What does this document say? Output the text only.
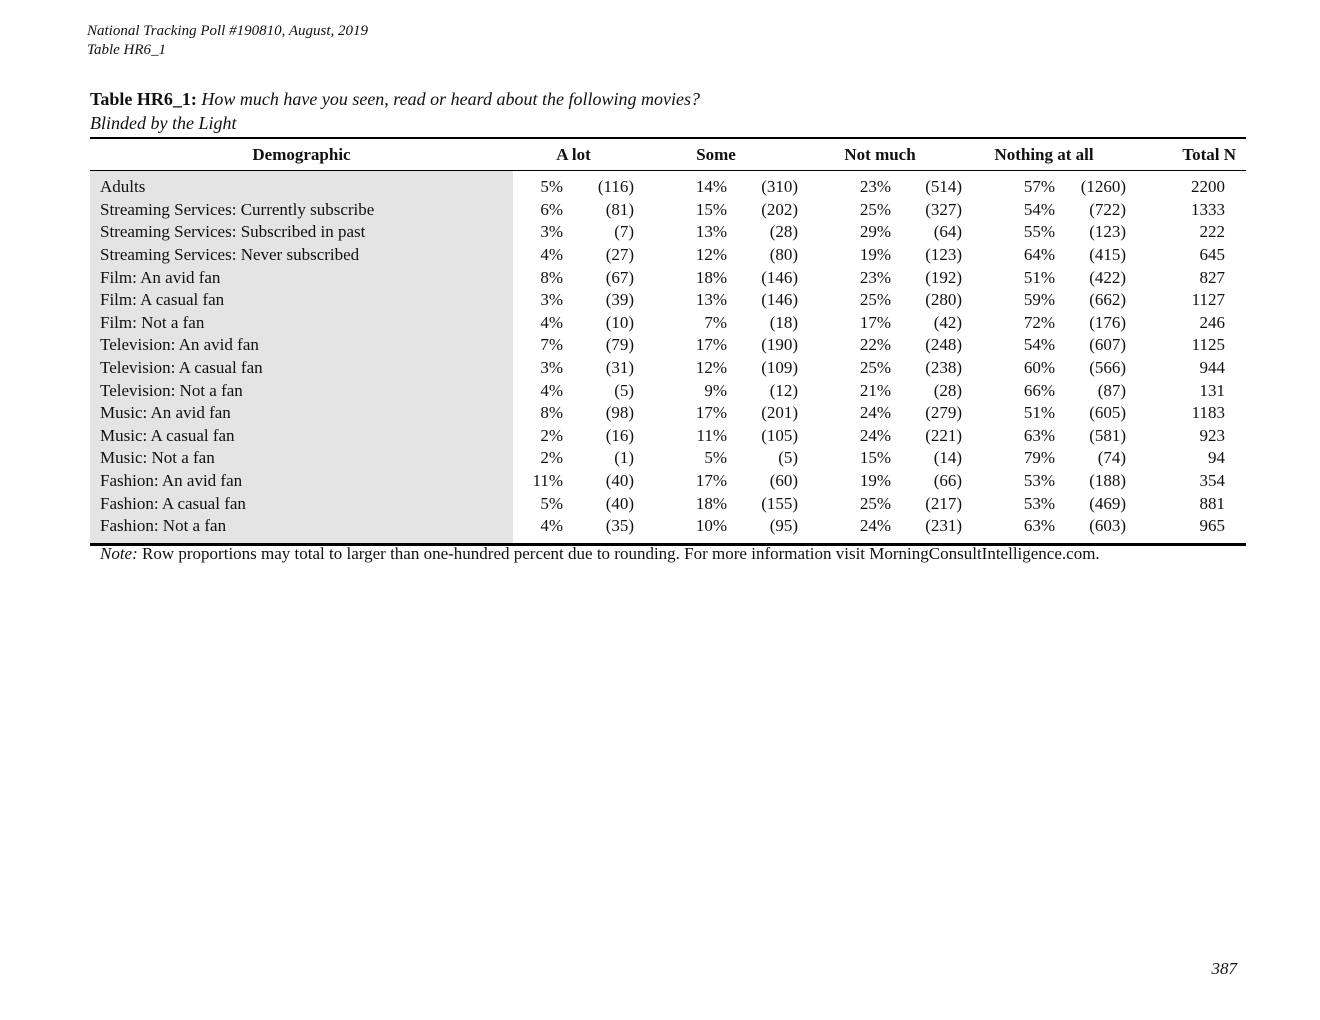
National Tracking Poll #190810, August, 2019
Table HR6_1
Table HR6_1: How much have you seen, read or heard about the following movies?
Blinded by the Light
Demographic	A lot		Some		Not much		Nothing at all		Total N

Adults	5%	(116)	14%	(310)	23%	(514)	57%	(1260)	2200
Streaming Services: Currently subscribe	6%	(81)	15%	(202)	25%	(327)	54%	(722)	1333
Streaming Services: Subscribed in past	3%	(7)	13%	(28)	29%	(64)	55%	(123)	222
Streaming Services: Never subscribed	4%	(27)	12%	(80)	19%	(123)	64%	(415)	645
Film: An avid fan	8%	(67)	18%	(146)	23%	(192)	51%	(422)	827
Film: A casual fan	3%	(39)	13%	(146)	25%	(280)	59%	(662)	1127
Film: Not a fan	4%	(10)	7%	(18)	17%	(42)	72%	(176)	246
Television: An avid fan	7%	(79)	17%	(190)	22%	(248)	54%	(607)	1125
Television: A casual fan	3%	(31)	12%	(109)	25%	(238)	60%	(566)	944
Television: Not a fan	4%	(5)	9%	(12)	21%	(28)	66%	(87)	131
Music: An avid fan	8%	(98)	17%	(201)	24%	(279)	51%	(605)	1183
Music: A casual fan	2%	(16)	11%	(105)	24%	(221)	63%	(581)	923
Music: Not a fan	2%	(1)	5%	(5)	15%	(14)	79%	(74)	94
Fashion: An avid fan	11%	(40)	17%	(60)	19%	(66)	53%	(188)	354
Fashion: A casual fan	5%	(40)	18%	(155)	25%	(217)	53%	(469)	881
Fashion: Not a fan	4%	(35)	10%	(95)	24%	(231)	63%	(603)	965

Note: Row proportions may total to larger than one-hundred percent due to rounding. For more information visit MorningConsultIntelligence.com.
387
